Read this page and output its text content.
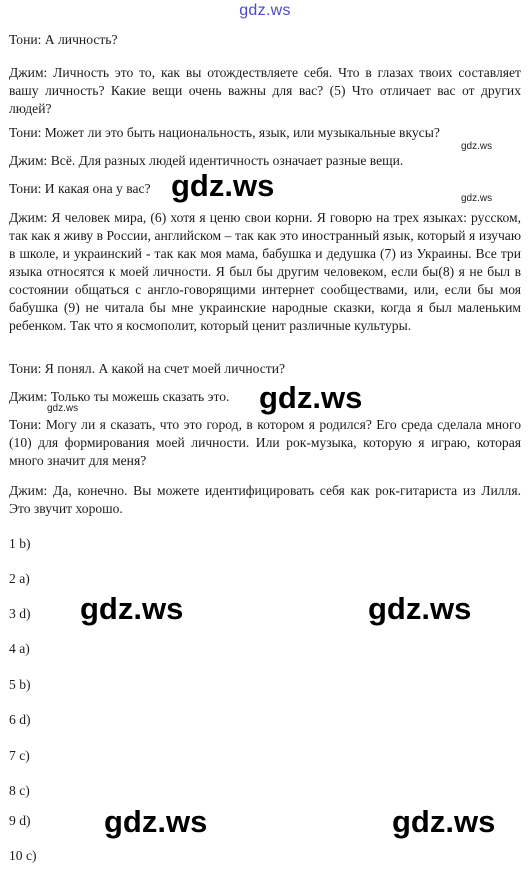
gdz.ws

Тони: А личность?

Джим: Личность это то, как вы отождествляете себя. Что в глазах твоих составляет вашу личность? Какие вещи очень важны для вас? (5) Что отличает вас от других людей?

Тони: Может ли это быть национальность, язык, или музыкальные вкусы?

Джим: Всё. Для разных людей идентичность означает разные вещи.

Тони: И какая она у вас?

Джим: Я человек мира, (6) хотя я ценю свои корни. Я говорю на трех языках: русском, так как я живу в России, английском – так как это иностранный язык, который я изучаю в школе, и украинский - так как моя мама, бабушка и дедушка (7) из Украины. Все три языка относятся к моей личности. Я был бы другим человеком, если бы(8) я не был в состоянии общаться с англо-говорящими интернет сообществами, или, если бы моя бабушка (9) не читала бы мне украинские народные сказки, когда я был маленьким ребенком. Так что я космополит, который ценит различные культуры.

Тони: Я понял. А какой на счет моей личности?

Джим: Только ты можешь сказать это.

Тони: Могу ли я сказать, что это город, в котором я родился? Его среда сделала много (10) для формирования моей личности. Или рок-музыка, которую я играю, которая много значит для меня?

Джим: Да, конечно. Вы можете идентифицировать себя как рок-гитариста из Лилля. Это звучит хорошо.

1 b)
2 a)
3 d)
4 a)
5 b)
6 d)
7 c)
8 c)
9 d)
10 c)
gdz.ws
gdz.ws
gdz.ws
gdz.ws
gdz.ws
gdz.ws	gdz.ws
gdz.ws	gdz.ws
